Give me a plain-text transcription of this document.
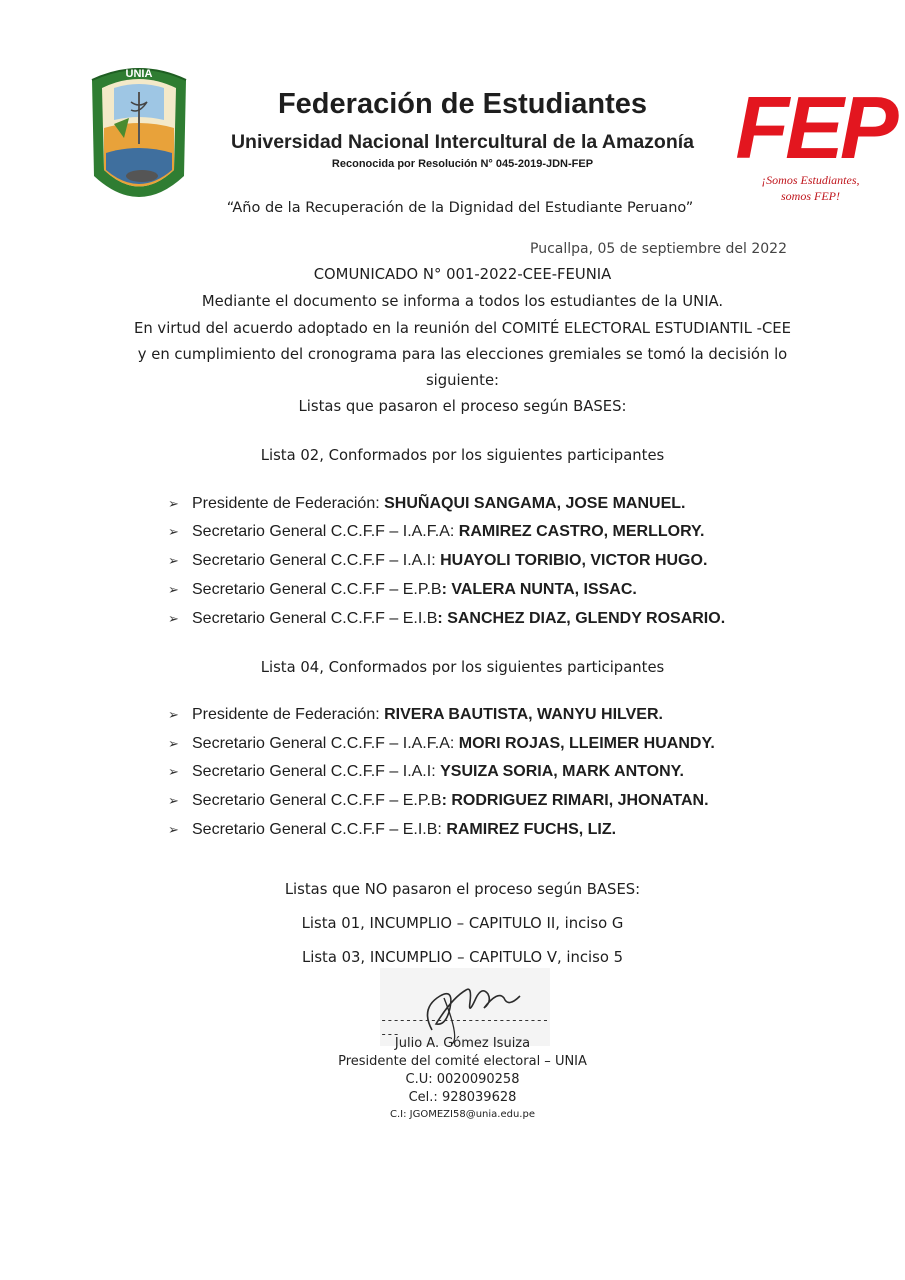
UNIA
Federación de Estudiantes
Universidad Nacional Intercultural de la Amazonía
Reconocida por Resolución N° 045-2019-JDN-FEP	FEP
¡Somos Estudiantes,
somos FEP!
“Año de la Recuperación de la Dignidad del Estudiante Peruano”
Pucallpa, 05 de septiembre del 2022
COMUNICADO N° 001-2022-CEE-FEUNIA
Mediante el documento se informa a todos los estudiantes de la UNIA.
En virtud del acuerdo adoptado en la reunión del COMITÉ ELECTORAL ESTUDIANTIL -CEE
y en cumplimiento del cronograma para las elecciones gremiales se tomó la decisión lo
siguiente:
Listas que pasaron el proceso según BASES:
Lista 02, Conformados por los siguientes participantes
➢ Presidente de Federación: SHUÑAQUI SANGAMA, JOSE MANUEL.
➢ Secretario General C.C.F.F – I.A.F.A: RAMIREZ CASTRO, MERLLORY.
➢ Secretario General C.C.F.F – I.A.I: HUAYOLI TORIBIO, VICTOR HUGO.
➢ Secretario General C.C.F.F – E.P.B: VALERA NUNTA, ISSAC.
➢ Secretario General C.C.F.F – E.I.B: SANCHEZ DIAZ, GLENDY ROSARIO.
Lista 04, Conformados por los siguientes participantes
➢ Presidente de Federación: RIVERA BAUTISTA, WANYU HILVER.
➢ Secretario General C.C.F.F – I.A.F.A: MORI ROJAS, LLEIMER HUANDY.
➢ Secretario General C.C.F.F – I.A.I: YSUIZA SORIA, MARK ANTONY.
➢ Secretario General C.C.F.F – E.P.B: RODRIGUEZ RIMARI, JHONATAN.
➢ Secretario General C.C.F.F – E.I.B: RAMIREZ FUCHS, LIZ.
Listas que NO pasaron el proceso según BASES:
Lista 01, INCUMPLIO – CAPITULO II, inciso G
Lista 03, INCUMPLIO – CAPITULO V, inciso 5
------------------------------
Julio A. Gómez Isuiza
Presidente del comité electoral – UNIA
C.U: 0020090258
Cel.: 928039628
C.I: JGOMEZI58@unia.edu.pe
